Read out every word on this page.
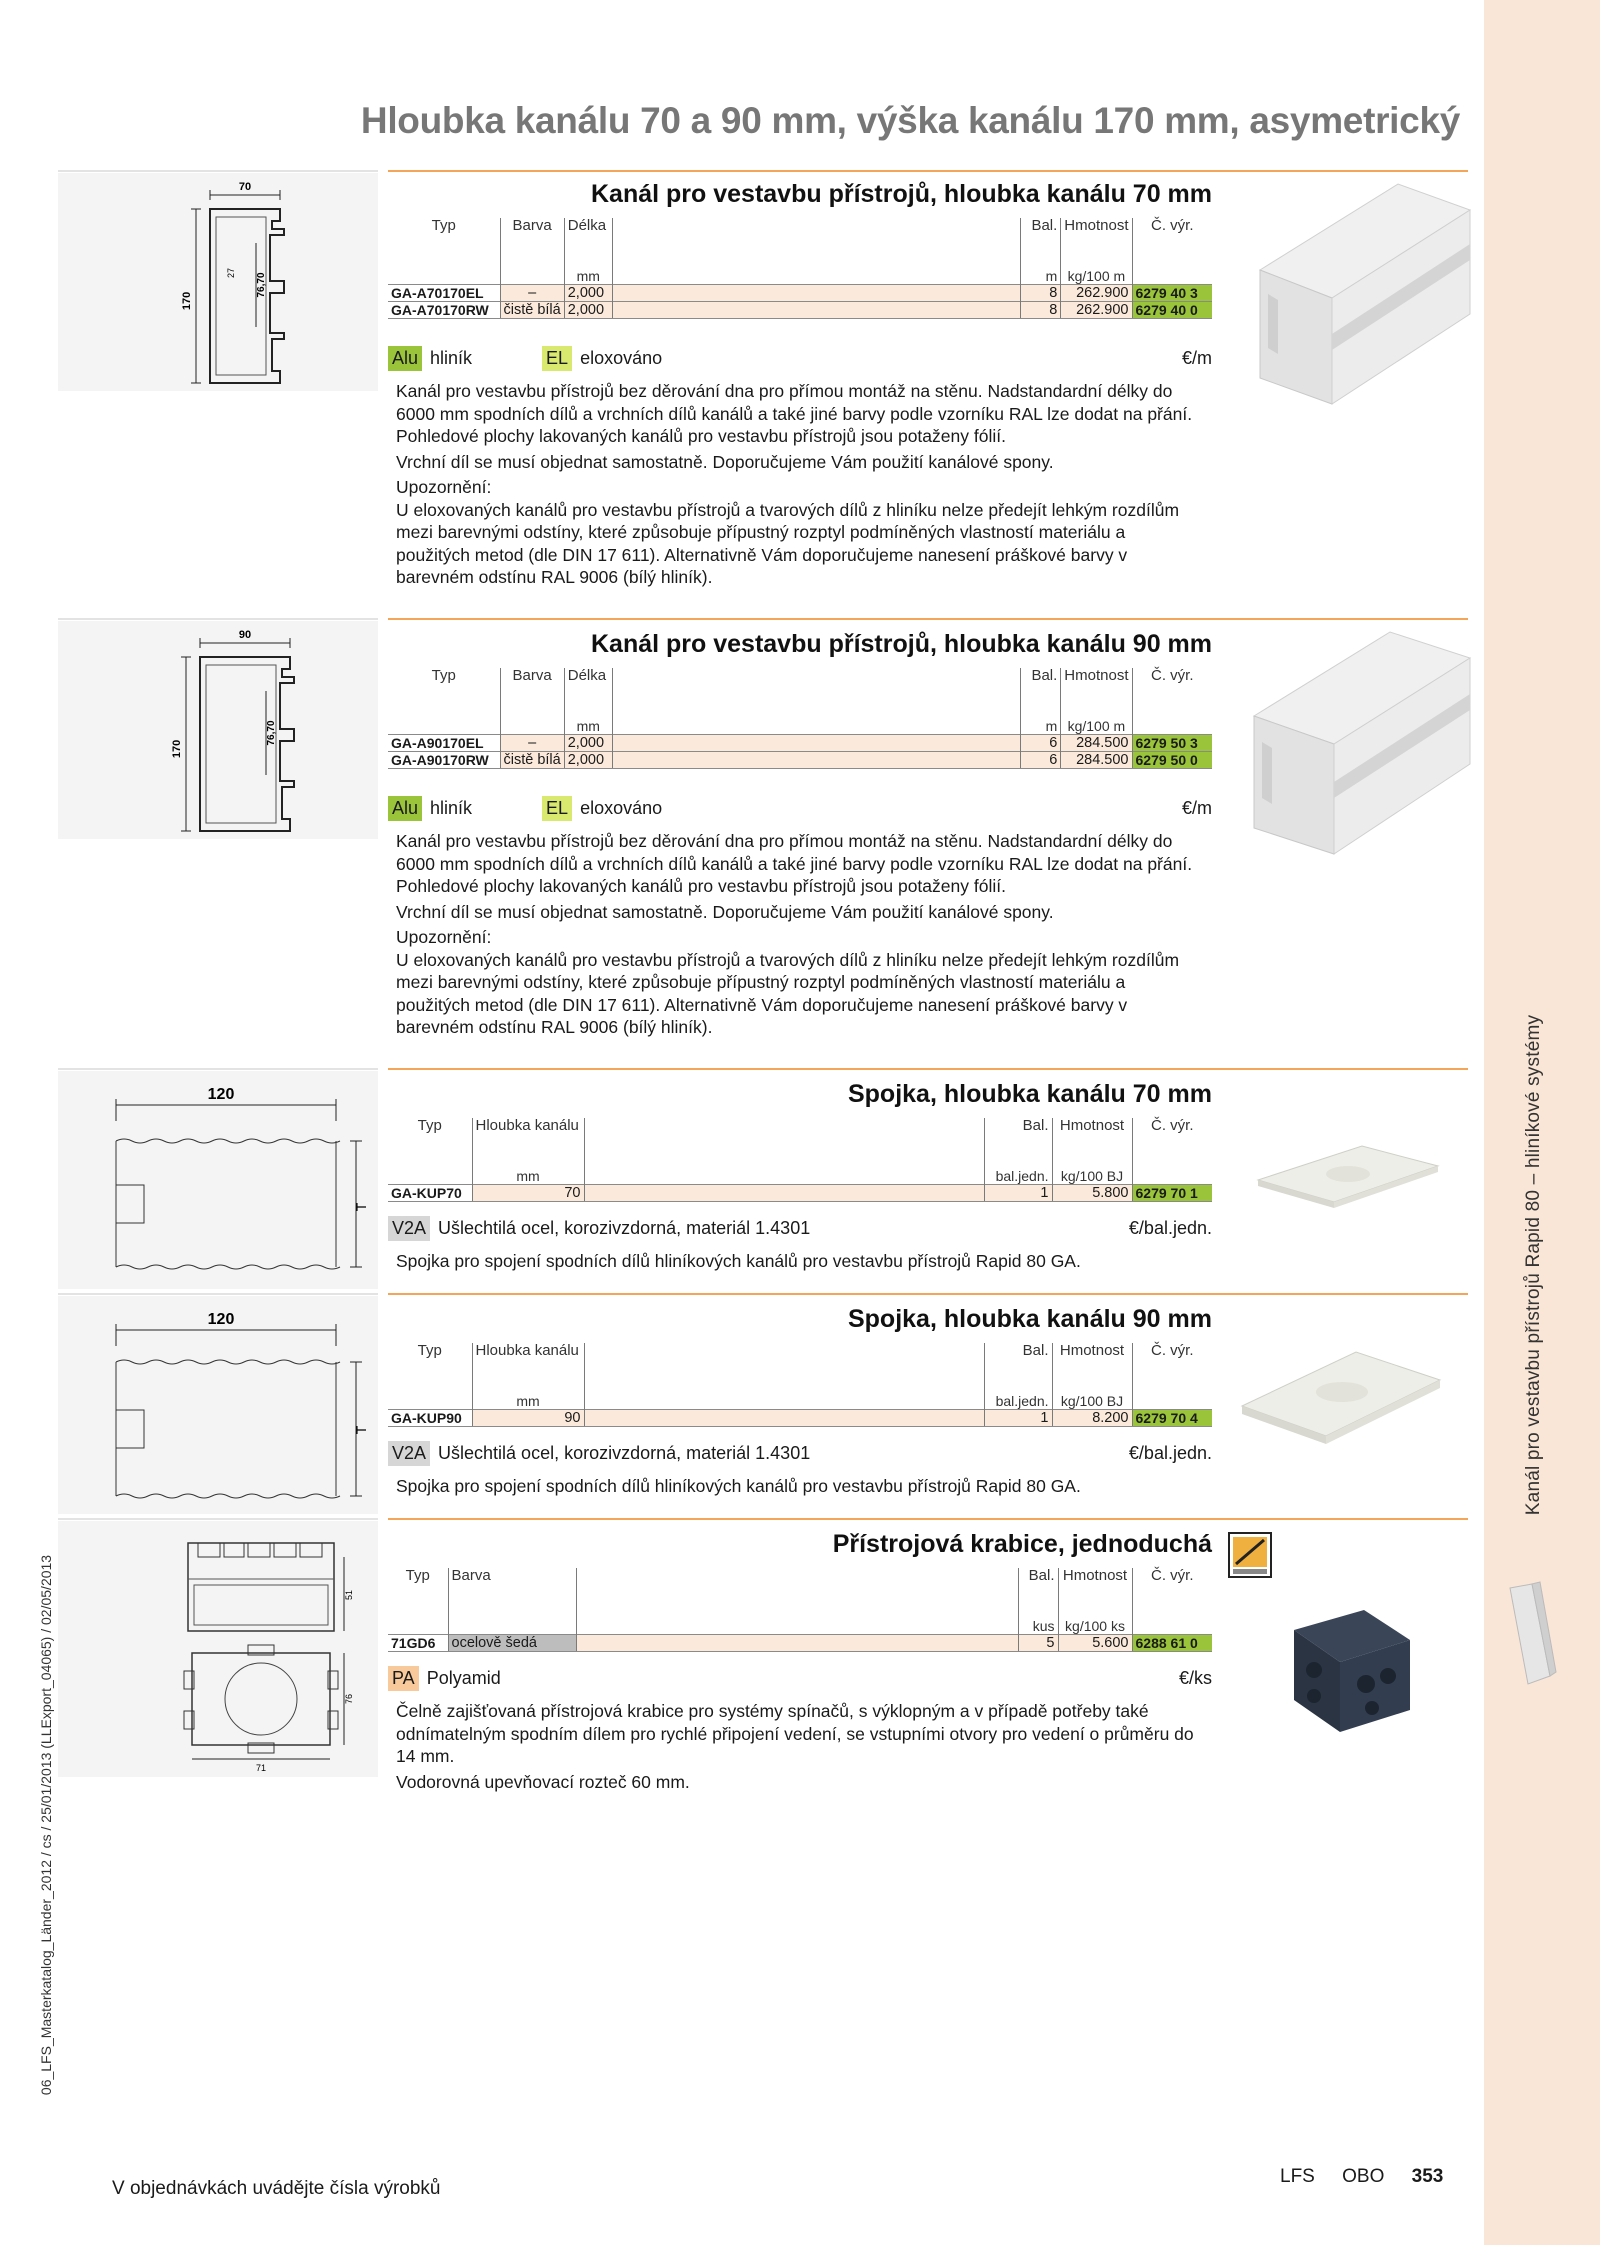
Kanál pro vestavbu přístrojů Rapid 80 – hliníkové systémy
Hloubka kanálu 70 a 90 mm, výška kanálu 170 mm, asymetrický
06_LFS_Masterkatalog_Länder_2012 / cs / 25/01/2013 (LLExport_04065) / 02/05/2013
70
170
76,70
27
Kanál pro vestavbu přístrojů, hloubka kanálu 70 mm
Typ	Barva	Délka		Bal.	Hmotnost	Č. výr.

		mm		m	kg/100 m	
GA-A70170EL	–	2,000		8	262.900	6279 40 3
GA-A70170RW	čistě bílá	2,000		8	262.900	6279 40 0
Alu hliník	EL eloxováno	€/m

Kanál pro vestavbu přístrojů bez děrování dna pro přímou montáž na stěnu. Nadstandardní délky do 6000 mm spodních dílů a vrchních dílů kanálů a také jiné barvy podle vzorníku RAL lze dodat na přání. Pohledové plochy lakovaných kanálů pro vestavbu přístrojů jsou potaženy fólií.

Vrchní díl se musí objednat samostatně. Doporučujeme Vám použití kanálové spony.

Upozornění:
U eloxovaných kanálů pro vestavbu přístrojů a tvarových dílů z hliníku nelze předejít lehkým rozdílům mezi barevnými odstíny, které způsobuje přípustný rozptyl podmíněných vlastností materiálu a použitých metod (dle DIN 17 611). Alternativně Vám doporučujeme nanesení práškové barvy v barevném odstínu RAL 9006 (bílý hliník).

90
170
76,70
Kanál pro vestavbu přístrojů, hloubka kanálu 90 mm
Typ	Barva	Délka		Bal.	Hmotnost	Č. výr.

		mm		m	kg/100 m	
GA-A90170EL	–	2,000		6	284.500	6279 50 3
GA-A90170RW	čistě bílá	2,000		6	284.500	6279 50 0
Alu hliník	EL eloxováno	€/m

Kanál pro vestavbu přístrojů bez děrování dna pro přímou montáž na stěnu. Nadstandardní délky do 6000 mm spodních dílů a vrchních dílů kanálů a také jiné barvy podle vzorníku RAL lze dodat na přání. Pohledové plochy lakovaných kanálů pro vestavbu přístrojů jsou potaženy fólií.

Vrchní díl se musí objednat samostatně. Doporučujeme Vám použití kanálové spony.

Upozornění:
U eloxovaných kanálů pro vestavbu přístrojů a tvarových dílů z hliníku nelze předejít lehkým rozdílům mezi barevnými odstíny, které způsobuje přípustný rozptyl podmíněných vlastností materiálu a použitých metod (dle DIN 17 611). Alternativně Vám doporučujeme nanesení práškové barvy v barevném odstínu RAL 9006 (bílý hliník).

120
T
Spojka, hloubka kanálu 70 mm
Typ	Hloubka kanálu		Bal.	Hmotnost	Č. výr.

	mm		bal.jedn.	kg/100 BJ	
GA-KUP70	70		1	5.800	6279 70 1
V2A Ušlechtilá ocel, korozivzdorná, materiál 1.4301	€/bal.jedn.

Spojka pro spojení spodních dílů hliníkových kanálů pro vestavbu přístrojů Rapid 80 GA.

120
T
Spojka, hloubka kanálu 90 mm
Typ	Hloubka kanálu		Bal.	Hmotnost	Č. výr.

	mm		bal.jedn.	kg/100 BJ	
GA-KUP90	90		1	8.200	6279 70 4
V2A Ušlechtilá ocel, korozivzdorná, materiál 1.4301	€/bal.jedn.

Spojka pro spojení spodních dílů hliníkových kanálů pro vestavbu přístrojů Rapid 80 GA.

51
76
71
Přístrojová krabice, jednoduchá
Typ	Barva		Bal.	Hmotnost	Č. výr.

			kus	kg/100 ks	
71GD6	ocelově šedá		5	5.600	6288 61 0
PA Polyamid	€/ks

Čelně zajišťovaná přístrojová krabice pro systémy spínačů, s výklopným a v případě potřeby také odnímatelným spodním dílem pro rychlé připojení vedení, se vstupními otvory pro vedení o průměru do 14 mm.

Vodorovná upevňovací rozteč 60 mm.

V objednávkách uvádějte čísla výrobků
LFS OBO 353
